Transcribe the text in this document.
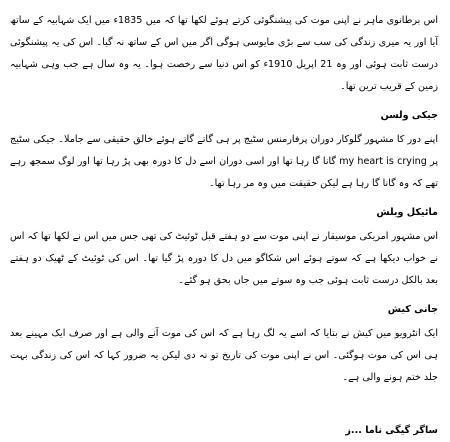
اس برطانوی ماہر نے اپنی موت کی پیشنگوئی کرتے ہوئے لکھا تھا کہ میں 1835ء میں ایک شہابیہ کے ساتھ آیا اور یہ میری زندگی کی سب سے بڑی مایوسی ہوگی اگر میں اس کے ساتھ نہ گیا۔ اس کی یہ پیشنگوئی درست ثابت ہوئی اور وہ 21 اپریل 1910ء کو اس دنیا سے رخصت ہوا۔ یہ وہ سال ہے جب وہی شہابیہ زمین کے قریب ترین تھا۔

جیکی ولسن

اپنے دور کا مشہور گلوکار دوران پرفارمنس سٹیج پر ہی گاتے گاتے ہوئے خالق حقیقی سے جاملا۔ جیکی سٹیج پر my heart is crying گانا گا رہا تھا اور اسی دوران اسے دل کا دورہ بھی پڑ رہا تھا اور لوگ سمجھ رہے تھے کہ وہ گانا گا رہا ہے لیکن حقیقت میں وہ مر رہا تھا۔

مائیکل ویلش

اس مشہور امریکی موسیقار نے اپنی موت سے دو ہفتے قبل ٹوئیٹ کی تھی جس میں اس نے لکھا تھا کہ اس نے خواب دیکھا ہے کہ سوتے ہوئے اس شکاگو میں دل کا دورہ پڑ گیا تھا۔ اس کی ٹوئیٹ کے ٹھیک دو ہفتے بعد بالکل درست ثابت ہوئی جب وہ سوتے میں جاں بحق ہو گئے۔

جانی کیش

ایک انٹرویو میں کیش نے بتایا کہ اسے یہ لگ رہا ہے کہ اس کی موت آنے والی ہے اور صرف ایک مہینے بعد ہی اس کی موت ہوگئی۔ اس نے اپنی موت کی تاریخ تو نہ دی لیکن یہ ضرور کہا کہ اس کی زندگی بہت جلد ختم ہونے والی ہے۔

ساگر گیگی ناما ...ز
